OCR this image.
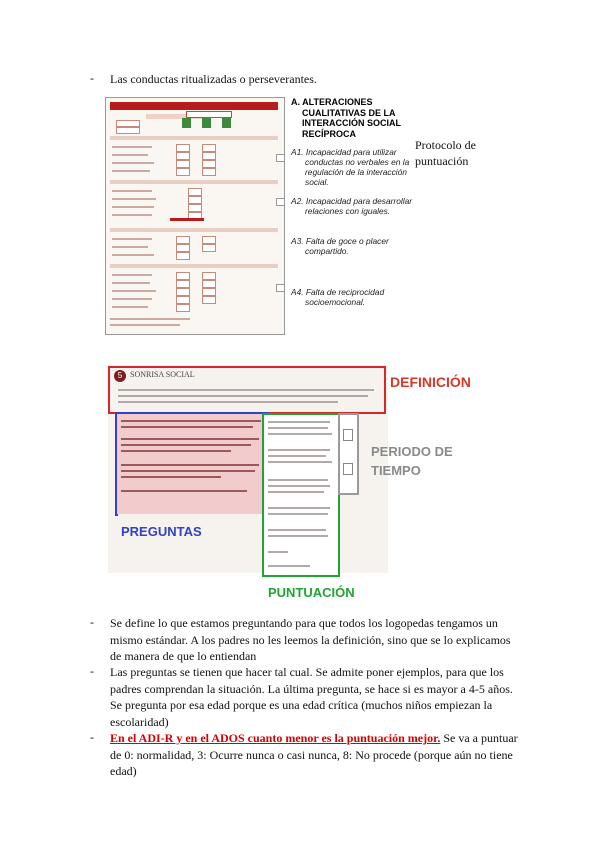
- Las conductas ritualizadas o perseverantes.
A. ALTERACIONES
CUALITATIVAS DE LA
INTERACCIÓN SOCIAL
RECÍPROCA
A1. Incapacidad para utilizar
conductas no verbales en la
regulación de la interacción
social.
A2. Incapacidad para desarrollar
relaciones con iguales.
A3. Falta de goce o placer
compartido.
A4. Falta de reciprocidad
socioemocional.
Protocolo de
puntuación
5 SONRISA SOCIAL	DEFINICIÓN
PERIODO DE
TIEMPO
PREGUNTAS
PUNTUACIÓN
- Se define lo que estamos preguntando para que todos los logopedas tengamos un
mismo estándar. A los padres no les leemos la definición, sino que se lo explicamos
de manera de que lo entiendan
- Las preguntas se tienen que hacer tal cual. Se admite poner ejemplos, para que los
padres comprendan la situación. La última pregunta, se hace si es mayor a 4-5 años.
Se pregunta por esa edad porque es una edad crítica (muchos niños empiezan la
escolaridad)
- En el ADI-R y en el ADOS cuanto menor es la puntuación mejor. Se va a puntuar
de 0: normalidad, 3: Ocurre nunca o casi nunca, 8: No procede (porque aún no tiene
edad)
